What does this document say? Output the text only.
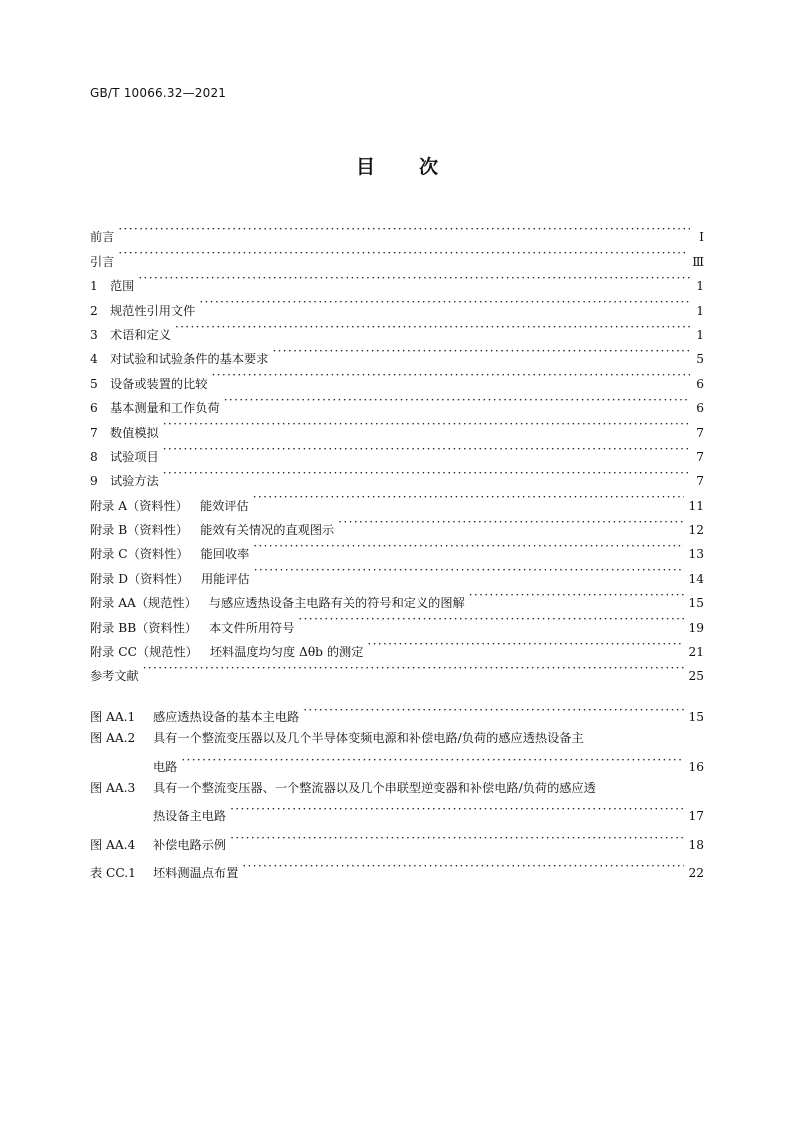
GB/T 10066.32—2021
目次
前言 ·····	Ⅰ
引言 ·····	Ⅲ
1 范围 ·····	1
2 规范性引用文件 ·····	1
3 术语和定义 ·····	1
4 对试验和试验条件的基本要求 ·····	5
5 设备或装置的比较 ·····	6
6 基本测量和工作负荷 ·····	6
7 数值模拟 ·····	7
8 试验项目 ·····	7
9 试验方法 ·····	7
附录 A（资料性） 能效评估 ·····	11
附录 B（资料性） 能效有关情况的直观图示 ·····	12
附录 C（资料性） 能回收率 ·····	13
附录 D（资料性） 用能评估 ·····	14
附录 AA（规范性） 与感应透热设备主电路有关的符号和定义的图解 ·····	15
附录 BB（资料性） 本文件所用符号 ·····	19
附录 CC（规范性） 坯料温度均匀度 Δθb 的测定 ·····	21
参考文献 ·····	25
图 AA.1 感应透热设备的基本主电路 ·····	15
图 AA.2 具有一个整流变压器以及几个半导体变频电源和补偿电路/负荷的感应透热设备主
电路 ·····	16
图 AA.3 具有一个整流变压器、一个整流器以及几个串联型逆变器和补偿电路/负荷的感应透
热设备主电路 ·····	17
图 AA.4 补偿电路示例 ·····	18
表 CC.1 坯料测温点布置 ·····	22
